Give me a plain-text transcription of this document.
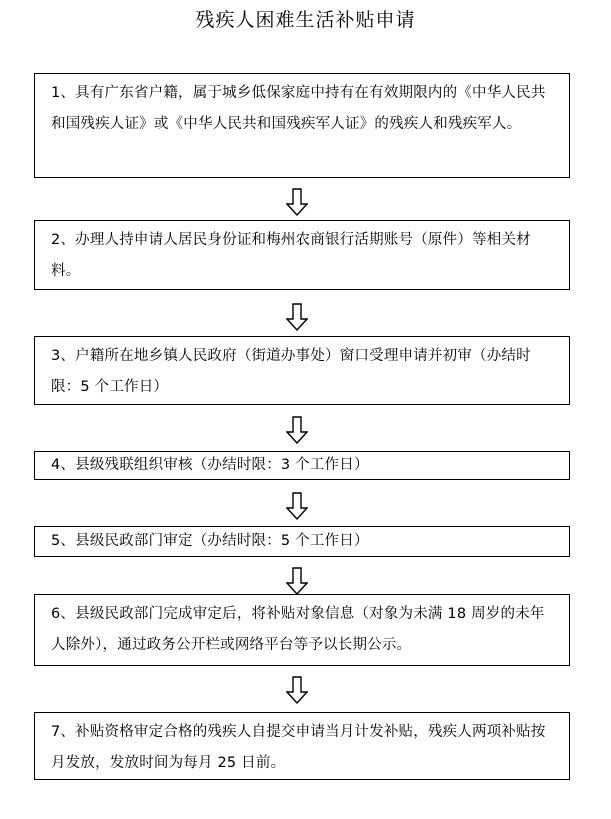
残疾人困难生活补贴申请
1、具有广东省户籍，属于城乡低保家庭中持有在有效期限内的《中华人民共和国残疾人证》或《中华人民共和国残疾军人证》的残疾人和残疾军人。
2、办理人持申请人居民身份证和梅州农商银行活期账号（原件）等相关材料。
3、户籍所在地乡镇人民政府（街道办事处）窗口受理申请并初审（办结时限：5 个工作日）
4、县级残联组织审核（办结时限：3 个工作日）
5、县级民政部门审定（办结时限：5 个工作日）
6、县级民政部门完成审定后，将补贴对象信息（对象为未满 18 周岁的未年人除外），通过政务公开栏或网络平台等予以长期公示。
7、补贴资格审定合格的残疾人自提交申请当月计发补贴，残疾人两项补贴按月发放，发放时间为每月 25 日前。
